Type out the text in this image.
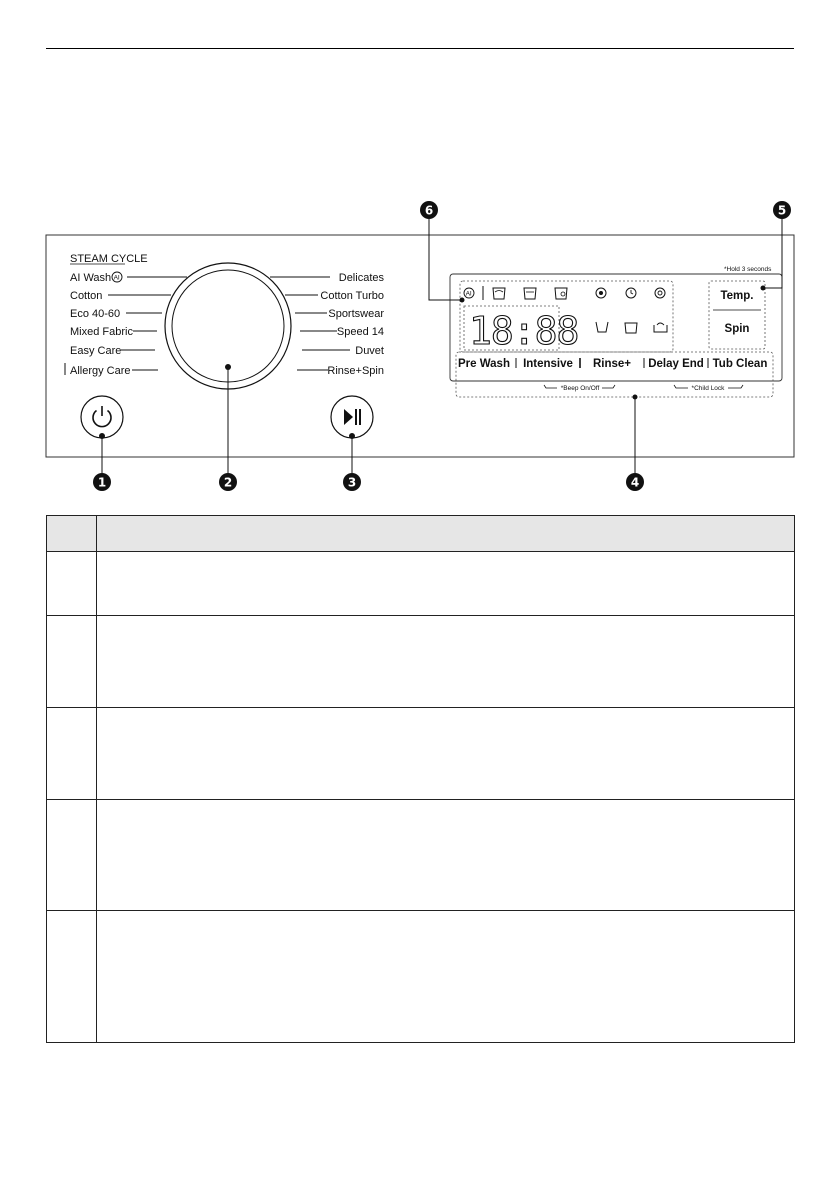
STEAM CYCLE
AI Wash AI
Cotton
Eco 40-60
Mixed Fabric
Easy Care
Allergy Care
Delicates
Cotton Turbo
Sportswear
Speed 14
Duvet
Rinse+Spin
*Hold 3 seconds
AI
18:88
Temp.
Spin
Pre Wash Intensive Rinse+ Delay End Tub Clean
*Beep On/Off	*Child Lock
1	2	3	4
5
6
